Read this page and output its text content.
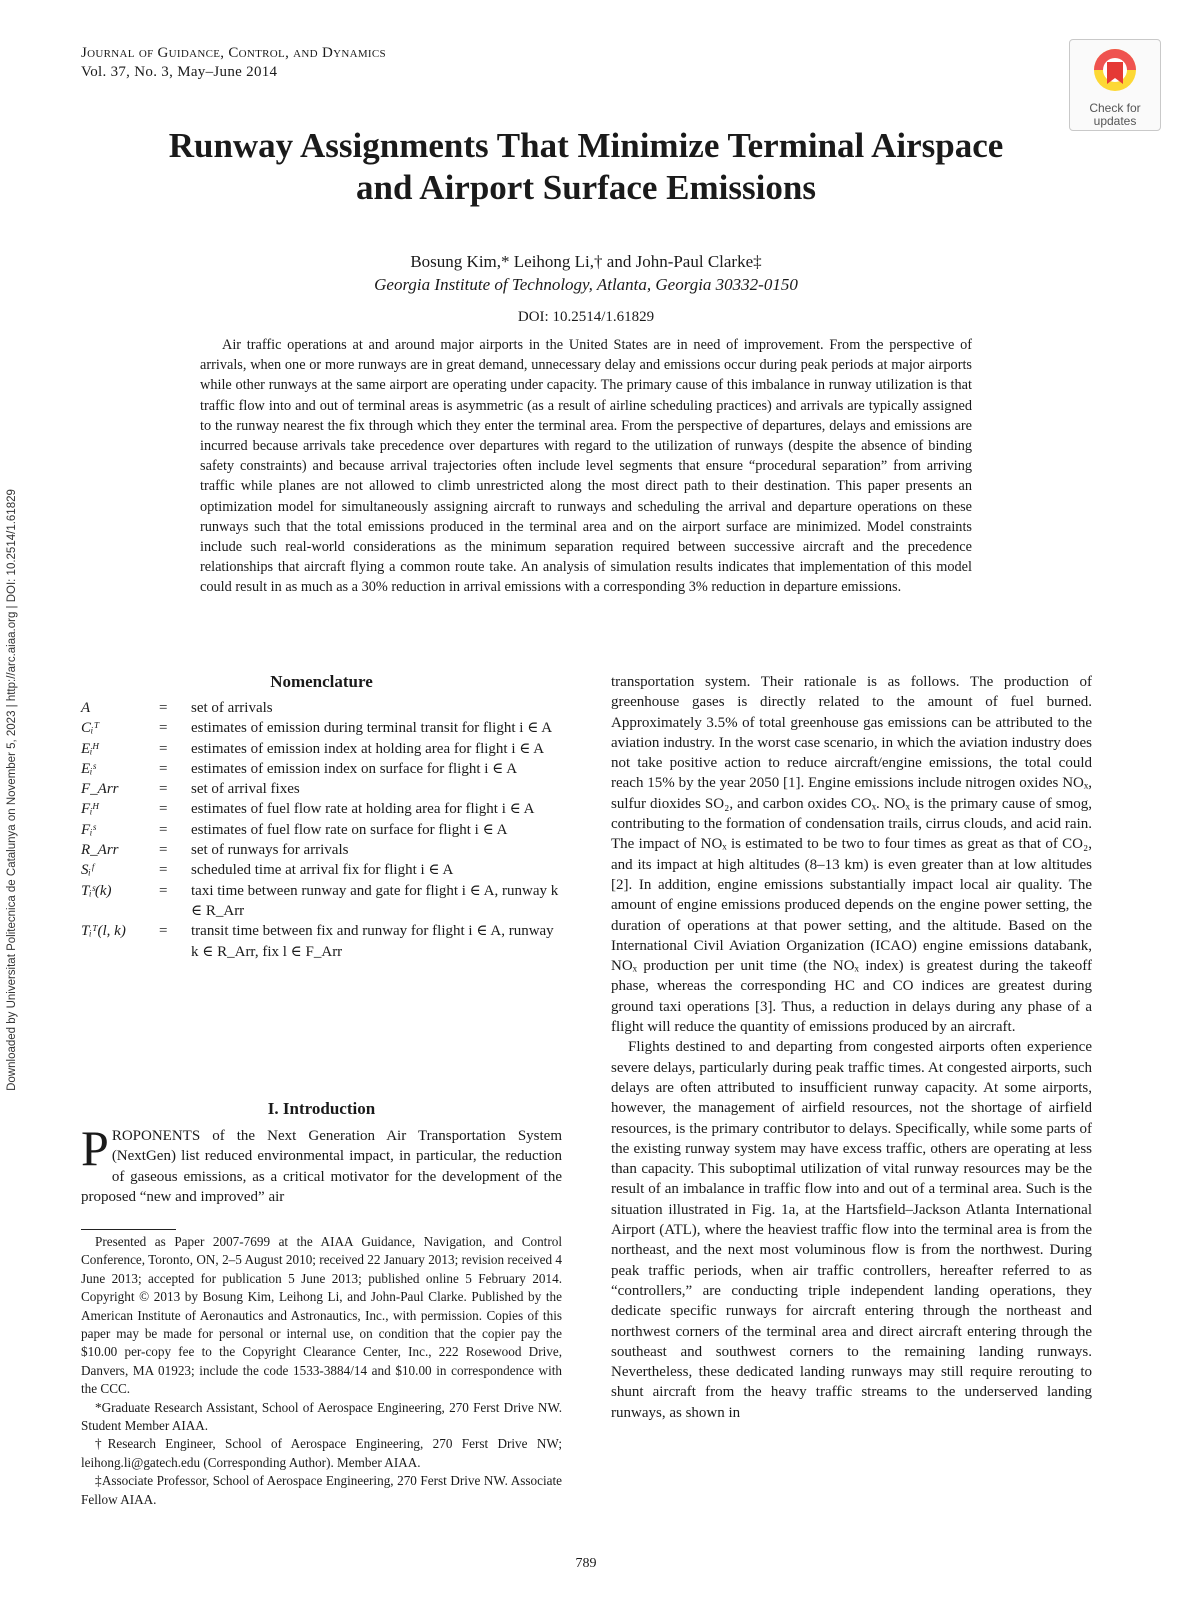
Journal of Guidance, Control, and Dynamics
Vol. 37, No. 3, May–June 2014
Check for
updates
Runway Assignments That Minimize Terminal Airspace
and Airport Surface Emissions
Bosung Kim,* Leihong Li,† and John-Paul Clarke‡
Georgia Institute of Technology, Atlanta, Georgia 30332-0150
DOI: 10.2514/1.61829

Air traffic operations at and around major airports in the United States are in need of improvement. From the perspective of arrivals, when one or more runways are in great demand, unnecessary delay and emissions occur during peak periods at major airports while other runways at the same airport are operating under capacity. The primary cause of this imbalance in runway utilization is that traffic flow into and out of terminal areas is asymmetric (as a result of airline scheduling practices) and arrivals are typically assigned to the runway nearest the fix through which they enter the terminal area. From the perspective of departures, delays and emissions are incurred because arrivals take precedence over departures with regard to the utilization of runways (despite the absence of binding safety constraints) and because arrival trajectories often include level segments that ensure “procedural separation” from arriving traffic while planes are not allowed to climb unrestricted along the most direct path to their destination. This paper presents an optimization model for simultaneously assigning aircraft to runways and scheduling the arrival and departure operations on these runways such that the total emissions produced in the terminal area and on the airport surface are minimized. Model constraints include such real-world considerations as the minimum separation required between successive aircraft and the precedence relationships that aircraft flying a common route take. An analysis of simulation results indicates that implementation of this model could result in as much as a 30% reduction in arrival emissions with a corresponding 3% reduction in departure emissions.

Downloaded by Universitat Politecnica de Catalunya on November 5, 2023 | http://arc.aiaa.org | DOI: 10.2514/1.61829	Nomenclature
A	=	set of arrivals
Cᵢᵀ	=	estimates of emission during terminal transit for flight i ∈ A
Eᵢᴴ	=	estimates of emission index at holding area for flight i ∈ A
Eᵢˢ	=	estimates of emission index on surface for flight i ∈ A
F_Arr	=	set of arrival fixes
Fᵢᴴ	=	estimates of fuel flow rate at holding area for flight i ∈ A
Fᵢˢ	=	estimates of fuel flow rate on surface for flight i ∈ A
R_Arr	=	set of runways for arrivals
Sᵢᶠ	=	scheduled time at arrival fix for flight i ∈ A
Tᵢˢ(k)	=	taxi time between runway and gate for flight i ∈ A, runway k ∈ R_Arr
Tᵢᵀ(l, k)	=	transit time between fix and runway for flight i ∈ A, runway k ∈ R_Arr, fix l ∈ F_Arr
I. Introduction

PROPONENTS of the Next Generation Air Transportation System (NextGen) list reduced environmental impact, in particular, the reduction of gaseous emissions, as a critical motivator for the development of the proposed “new and improved” air

Presented as Paper 2007-7699 at the AIAA Guidance, Navigation, and Control Conference, Toronto, ON, 2–5 August 2010; received 22 January 2013; revision received 4 June 2013; accepted for publication 5 June 2013; published online 5 February 2014. Copyright © 2013 by Bosung Kim, Leihong Li, and John-Paul Clarke. Published by the American Institute of Aeronautics and Astronautics, Inc., with permission. Copies of this paper may be made for personal or internal use, on condition that the copier pay the $10.00 per-copy fee to the Copyright Clearance Center, Inc., 222 Rosewood Drive, Danvers, MA 01923; include the code 1533-3884/14 and $10.00 in correspondence with the CCC.

*Graduate Research Assistant, School of Aerospace Engineering, 270 Ferst Drive NW. Student Member AIAA.

†Research Engineer, School of Aerospace Engineering, 270 Ferst Drive NW; leihong.li@gatech.edu (Corresponding Author). Member AIAA.

‡Associate Professor, School of Aerospace Engineering, 270 Ferst Drive NW. Associate Fellow AIAA.

transportation system. Their rationale is as follows. The production of greenhouse gases is directly related to the amount of fuel burned. Approximately 3.5% of total greenhouse gas emissions can be attributed to the aviation industry. In the worst case scenario, in which the aviation industry does not take positive action to reduce aircraft/engine emissions, the total could reach 15% by the year 2050 [1]. Engine emissions include nitrogen oxides NOₓ, sulfur dioxides SO₂, and carbon oxides COₓ. NOₓ is the primary cause of smog, contributing to the formation of condensation trails, cirrus clouds, and acid rain. The impact of NOₓ is estimated to be two to four times as great as that of CO₂, and its impact at high altitudes (8–13 km) is even greater than at low altitudes [2]. In addition, engine emissions substantially impact local air quality. The amount of engine emissions produced depends on the engine power setting, the duration of operations at that power setting, and the altitude. Based on the International Civil Aviation Organization (ICAO) engine emissions databank, NOₓ production per unit time (the NOₓ index) is greatest during the takeoff phase, whereas the corresponding HC and CO indices are greatest during ground taxi operations [3]. Thus, a reduction in delays during any phase of a flight will reduce the quantity of emissions produced by an aircraft.

Flights destined to and departing from congested airports often experience severe delays, particularly during peak traffic times. At congested airports, such delays are often attributed to insufficient runway capacity. At some airports, however, the management of airfield resources, not the shortage of airfield resources, is the primary contributor to delays. Specifically, while some parts of the existing runway system may have excess traffic, others are operating at less than capacity. This suboptimal utilization of vital runway resources may be the result of an imbalance in traffic flow into and out of a terminal area. Such is the situation illustrated in Fig. 1a, at the Hartsfield–Jackson Atlanta International Airport (ATL), where the heaviest traffic flow into the terminal area is from the northeast, and the next most voluminous flow is from the northwest. During peak traffic periods, when air traffic controllers, hereafter referred to as “controllers,” are conducting triple independent landing operations, they dedicate specific runways for aircraft entering through the northeast and northwest corners of the terminal area and direct aircraft entering through the southeast and southwest corners to the remaining landing runways. Nevertheless, these dedicated landing runways may still require rerouting to shunt aircraft from the heavy traffic streams to the underserved landing runways, as shown in

789
